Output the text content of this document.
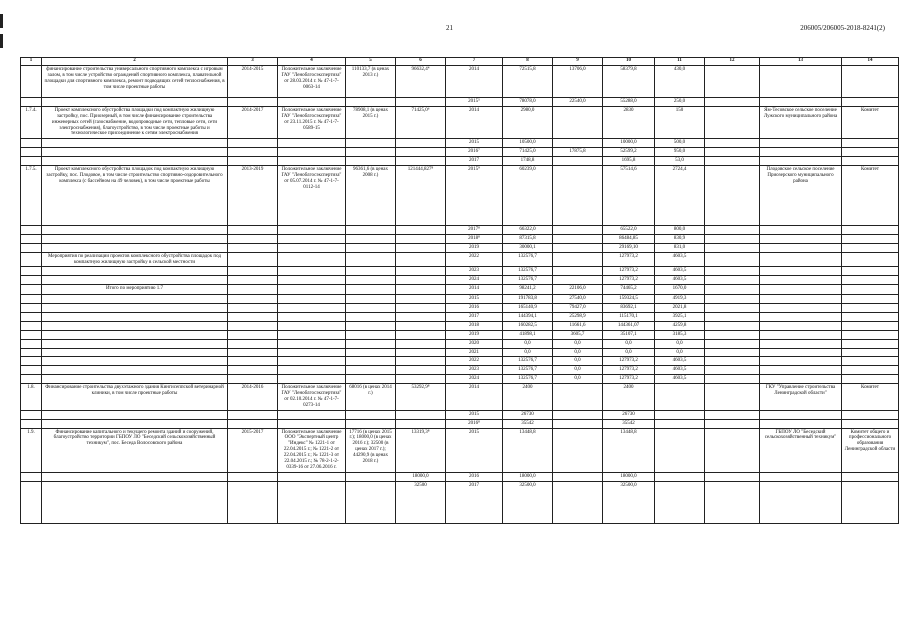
21	206005/206005-2018-8241(2)
1	2	3	4	5	6	7	8	9	10	11	12	13	14
	финансирование строительства универсального спортивного комплекса с игровым залом, в том числе устройство ограждений спортивного комплекса, плавательной площадки для спортивного комплекса, ремонт подводящих сетей теплоснабжения, в том числе проектные работы	2014-2015	Положительное заключение ГАУ "Леноблгосэкспертиза" от 28.03.2014 г. № 47-1-7-0063-14	110133,7 (в ценах 2013 г.)	96632,4⁴	2014	72515,8	13706,0	58379,8	430,0			
						2015⁵	78078,0	22540,0	55288,0	250,0			
1.7.4.	Проект комплексного обустройства площадки под компактную жилищную застройку, пос. Приозерный, в том числе финансирование строительства инженерных сетей (газоснабжение, водопроводные сети, тепловые сети, сети электроснабжения), благоустройство, в том числе проектные работы и технологическое присоединение к сетям электроснабжения	2014-2017	Положительное заключение ГАУ "Леноблгосэкспертиза" от 23.11.2015 г. № 47-1-7-0589-15	78908,1 (в ценах 2015 г.)	71425,0⁶	2014	2980,0		2830	150		Ям-Тесовское сельское поселение Лужского муниципального района	Комитет
						2015	10500,0		10000,0	500,0			
						2016⁷	71425,0	17875,8	52599,2	950,0			
						2017	1748,8		1695,8	53,0			
1.7.5.	Проект комплексного обустройства площадок под компактную жилищную застройку, пос. Плодовое, в том числе строительство спортивно-оздоровительного комплекса (с бассейном на 49 человек), в том числе проектные работы	2013-2019	Положительное заключение ГАУ "Леноблгосэкспертиза" от 05.07.2014 г. № 47-1-7-0112-14	96361,6 (в ценах 2008 г.)	121444,827⁸	2015⁹	60239,0		57514,6	2724,4		Плодовское сельское поселение Приозерского муниципального района	Комитет
						2017⁸	66322,0		65522,0	800,0			
						2018⁸	87315,8		86484,85	830,9			
						2019	30000,1		29169,10	831,0			
	Мероприятия по реализации проектов комплексного обустройства площадок под компактную жилищную застройку в сельской местности					2022	132576,7		127973,2	4603,5			
						2023	132576,7		127973,2	4603,5			
						2024	132576,7		127973,2	4603,5			
	Итого по мероприятию 1.7					2014	98241,2	22106,0	74465,2	1670,0			
						2015	191783,8	27540,0	159324,5	4919,3			
						2016	165140,9	79427,0	83692,1	2021,8			
						2017	144394,1	25298,9	115170,1	3925,1			
						2018	160282,5	11661,6	144361,07	4259,8			
						2019	41898,1	3605,7	35107,1	3185,3			
						2020	0,0	0,0	0,0	0,0			
						2021	0,0	0,0	0,0	0,0			
						2022	132576,7	0,0	127973,2	4603,5			
						2023	132576,7	0,0	127973,2	4603,5			
						2024	132576,7	0,0	127973,2	4603,5			
1.8.	Финансирование строительства двухэтажного здания Кингисеппской ветеринарной клиники, в том числе проектные работы	2014-2016	Положительное заключение ГАУ "Леноблгосэкспертиза" от 02.10.2014 г. № 47-1-7-0273-14	68016 (в ценах 2014 г.)	53292,9⁸	2014	2400		2400			ГКУ "Управление строительства Ленинградской области"	Комитет
						2015	26730		26730				
						2016⁸	35542		35542				
1.9.	Финансирование капитального и текущего ремонта зданий и сооружений, благоустройство территории ГБПОУ ЛО "Беседский сельскохозяйственный техникум", пос. Беседа Волосовского района	2015-2017	Положительное заключение ООО "Экспертный центр "Индекс" № 1221-1 от 22.04.2015 г.; № 1221-2 от 22.04.2015 г.; № 1221-3 от 22.04.2015 г.; № 78-2-1-2-0339-16 от 27.06.2016 г.	17716 (в ценах 2015 г.); 18000,0 (в ценах 2016 г.); 32500 (в ценах 2017 г.); 44290,9 (в ценах 2018 г.)	13319,3⁸	2015	13448,8		13448,8			ГБПОУ ЛО "Беседский сельскохозяйственный техникум"	Комитет общего и профессионального образования Ленинградской области
					18000,0	2016	18000,0		18000,0				
					32500	2017	32500,0		32500,0				
